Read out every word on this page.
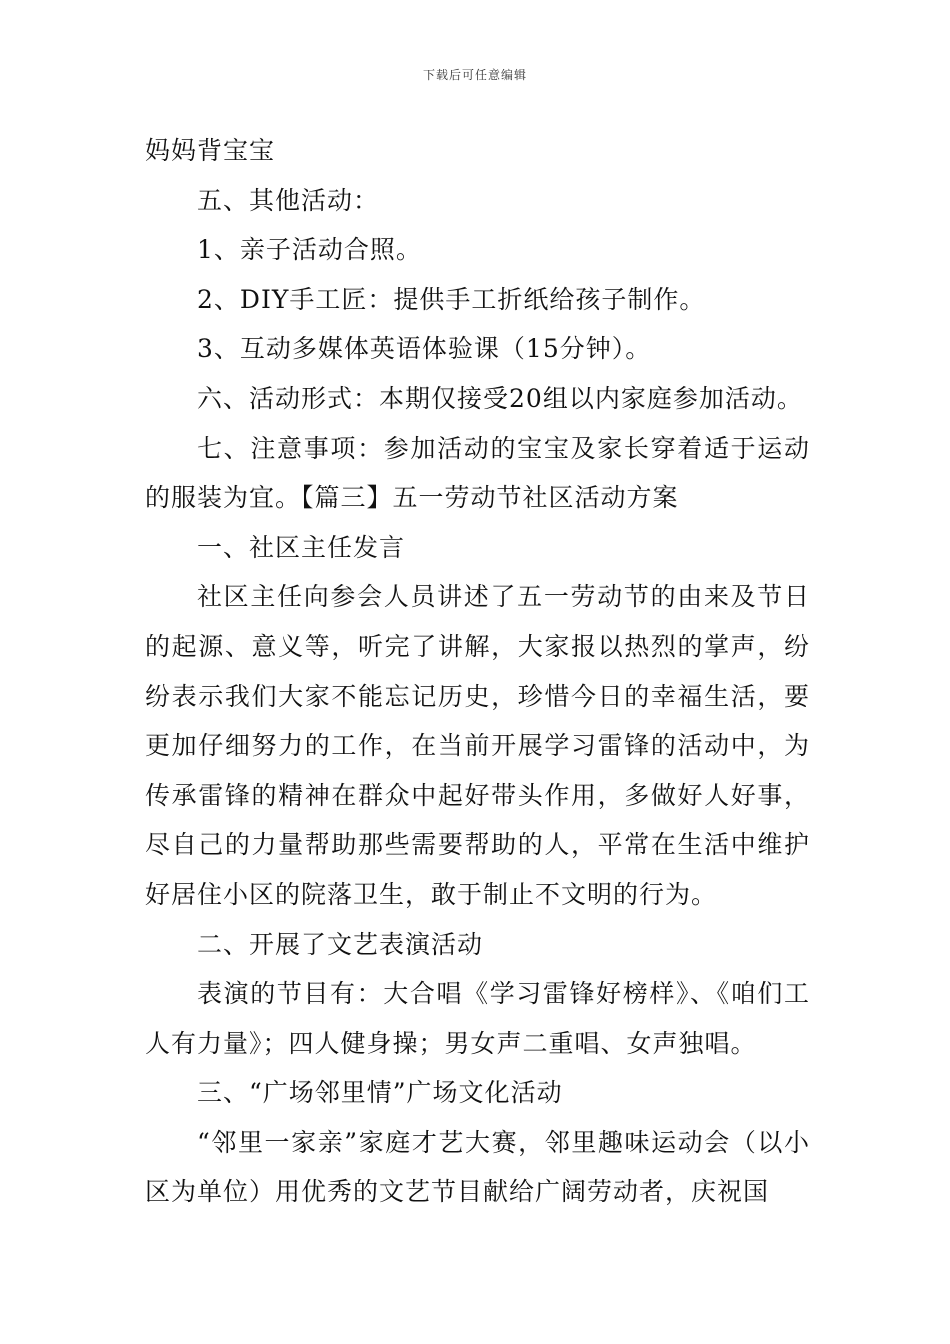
下载后可任意编辑

妈妈背宝宝

五、其他活动：

1、亲子活动合照。

2、DIY手工匠：提供手工折纸给孩子制作。

3、互动多媒体英语体验课（15分钟）。

六、活动形式：本期仅接受20组以内家庭参加活动。

七、注意事项：参加活动的宝宝及家长穿着适于运动的服装为宜。【篇三】五一劳动节社区活动方案

一、社区主任发言

社区主任向参会人员讲述了五一劳动节的由来及节日的起源、意义等，听完了讲解，大家报以热烈的掌声，纷纷表示我们大家不能忘记历史，珍惜今日的幸福生活，要更加仔细努力的工作，在当前开展学习雷锋的活动中，为传承雷锋的精神在群众中起好带头作用，多做好人好事，尽自己的力量帮助那些需要帮助的人，平常在生活中维护好居住小区的院落卫生，敢于制止不文明的行为。

二、开展了文艺表演活动

表演的节目有：大合唱《学习雷锋好榜样》、《咱们工人有力量》；四人健身操；男女声二重唱、女声独唱。

三、“广场邻里情”广场文化活动

“邻里一家亲”家庭才艺大赛，邻里趣味运动会（以小区为单位）用优秀的文艺节目献给广阔劳动者，庆祝国
